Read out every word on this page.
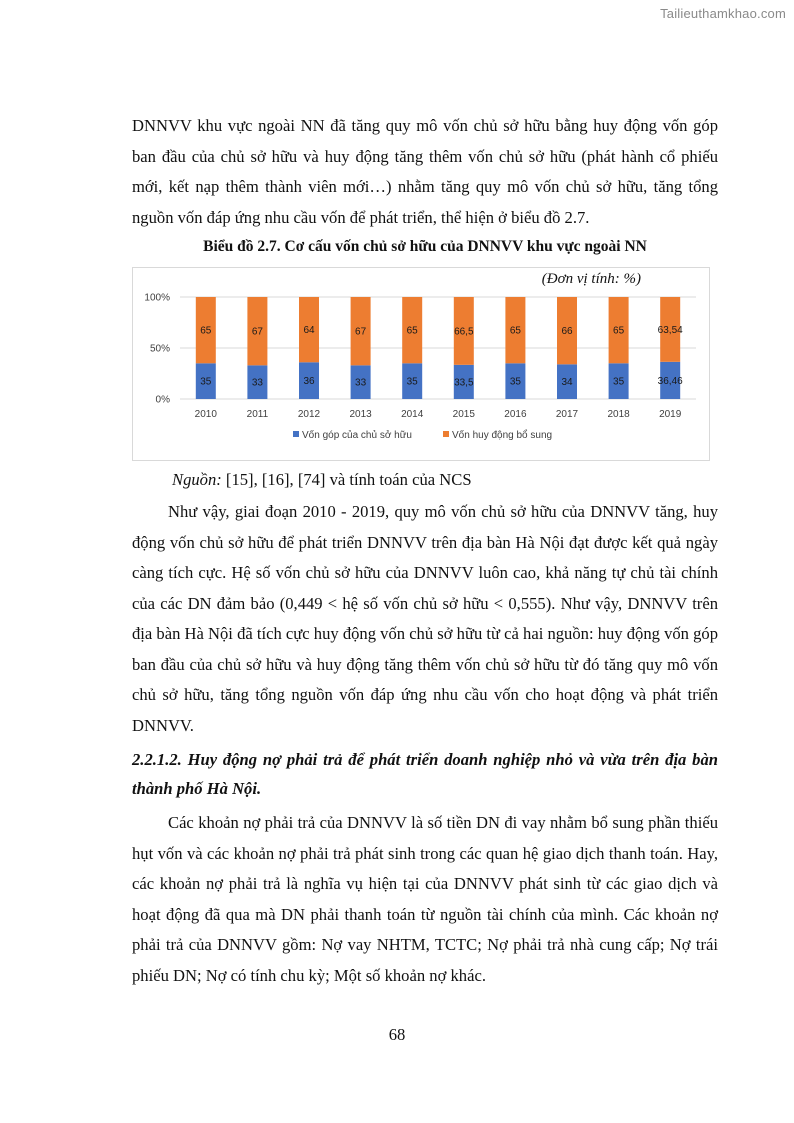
Tailieuthamkhao.com

DNNVV khu vực ngoài NN đã tăng quy mô vốn chủ sở hữu bằng huy động vốn góp ban đầu của chủ sở hữu và huy động tăng thêm vốn chủ sở hữu (phát hành cổ phiếu mới, kết nạp thêm thành viên mới…) nhằm tăng quy mô vốn chủ sở hữu, tăng tổng nguồn vốn đáp ứng nhu cầu vốn để phát triển, thể hiện ở biểu đồ 2.7.

Biểu đồ 2.7. Cơ cấu vốn chủ sở hữu của DNNVV khu vực ngoài NN

(Đơn vị tính: %)
0%
50%
100%
35
65
2010
33
67
2011
36
64
2012
33
67
2013
35
65
2014
33,5
66,5
2015
35
65
2016
34
66
2017
35
65
2018
36,46
63,54
2019
Vốn góp của chủ sở hữu	Vốn huy động bổ sung
Nguồn: [15], [16], [74] và tính toán của NCS

Như vậy, giai đoạn 2010 - 2019, quy mô vốn chủ sở hữu của DNNVV tăng, huy động vốn chủ sở hữu để phát triển DNNVV trên địa bàn Hà Nội đạt được kết quả ngày càng tích cực. Hệ số vốn chủ sở hữu của DNNVV luôn cao, khả năng tự chủ tài chính của các DN đảm bảo (0,449 < hệ số vốn chủ sở hữu < 0,555). Như vậy, DNNVV trên địa bàn Hà Nội đã tích cực huy động vốn chủ sở hữu từ cả hai nguồn: huy động vốn góp ban đầu của chủ sở hữu và huy động tăng thêm vốn chủ sở hữu từ đó tăng quy mô vốn chủ sở hữu, tăng tổng nguồn vốn đáp ứng nhu cầu vốn cho hoạt động và phát triển DNNVV.

2.2.1.2. Huy động nợ phải trả để phát triển doanh nghiệp nhỏ và vừa trên địa bàn thành phố Hà Nội.

Các khoản nợ phải trả của DNNVV là số tiền DN đi vay nhằm bổ sung phần thiếu hụt vốn và các khoản nợ phải trả phát sinh trong các quan hệ giao dịch thanh toán. Hay, các khoản nợ phải trả là nghĩa vụ hiện tại của DNNVV phát sinh từ các giao dịch và hoạt động đã qua mà DN phải thanh toán từ nguồn tài chính của mình. Các khoản nợ phải trả của DNNVV gồm: Nợ vay NHTM, TCTC; Nợ phải trả nhà cung cấp; Nợ trái phiếu DN; Nợ có tính chu kỳ; Một số khoản nợ khác.

68
